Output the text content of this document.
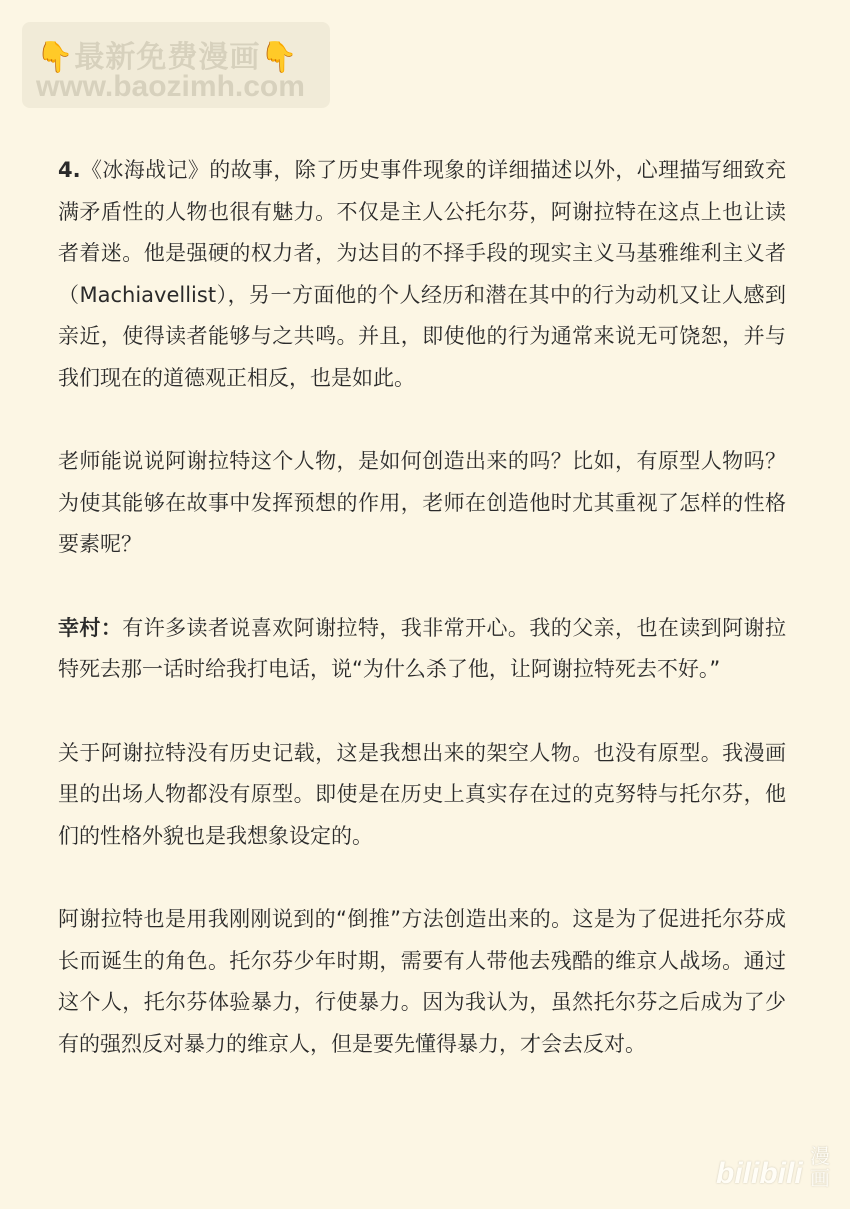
👇最新免费漫画👇
www.baozimh.com

4.《冰海战记》的故事，除了历史事件现象的详细描述以外，心理描写细致充满矛盾性的人物也很有魅力。不仅是主人公托尔芬，阿谢拉特在这点上也让读者着迷。他是强硬的权力者，为达目的不择手段的现实主义马基雅维利主义者（Machiavellist），另一方面他的个人经历和潜在其中的行为动机又让人感到亲近，使得读者能够与之共鸣。并且，即使他的行为通常来说无可饶恕，并与我们现在的道德观正相反，也是如此。

老师能说说阿谢拉特这个人物，是如何创造出来的吗？比如，有原型人物吗？为使其能够在故事中发挥预想的作用，老师在创造他时尤其重视了怎样的性格要素呢？

幸村：有许多读者说喜欢阿谢拉特，我非常开心。我的父亲，也在读到阿谢拉特死去那一话时给我打电话，说“为什么杀了他，让阿谢拉特死去不好。”

关于阿谢拉特没有历史记载，这是我想出来的架空人物。也没有原型。我漫画里的出场人物都没有原型。即使是在历史上真实存在过的克努特与托尔芬，他们的性格外貌也是我想象设定的。

阿谢拉特也是用我刚刚说到的“倒推”方法创造出来的。这是为了促进托尔芬成长而诞生的角色。托尔芬少年时期，需要有人带他去残酷的维京人战场。通过这个人，托尔芬体验暴力，行使暴力。因为我认为，虽然托尔芬之后成为了少有的强烈反对暴力的维京人，但是要先懂得暴力，才会去反对。

bilibili
漫画
